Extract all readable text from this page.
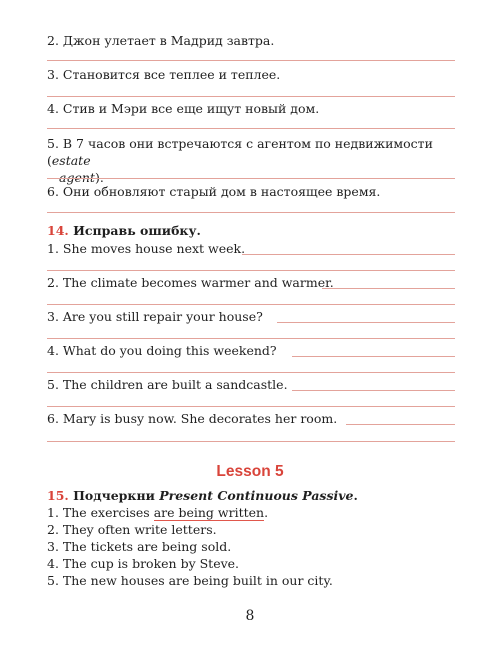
2. Джон улетает в Мадрид завтра.
3. Становится все теплее и теплее.
4. Стив и Мэри все еще ищут новый дом.
5. В 7 часов они встречаются с агентом по недвижимости (estate
agent).
6. Они обновляют старый дом в настоящее время.
14. Исправь ошибку.
1. She moves house next week.
2. The climate becomes warmer and warmer.
3. Are you still repair your house?
4. What do you doing this weekend?
5. The children are built a sandcastle.
6. Mary is busy now. She decorates her room.
Lesson 5
15. Подчеркни Present Continuous Passive.
1. The exercises are being written.
2. They often write letters.
3. The tickets are being sold.
4. The cup is broken by Steve.
5. The new houses are being built in our city.
8
